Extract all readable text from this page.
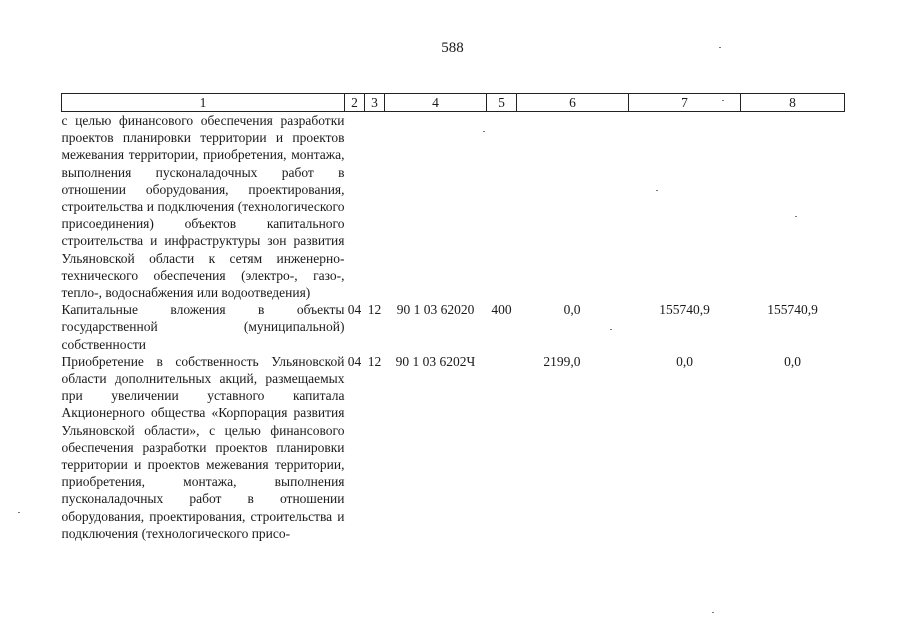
588
1	2	3	4	5	6	7	8

с целью финансового обеспечения разработки проектов планировки территории и проектов межевания территории, приобретения, монтажа, выполнения пусконаладочных работ в отношении оборудования, проектирования, строительства и подключения (технологического присоединения) объектов капитального строительства и инфраструктуры зон развития Ульяновской области к сетям инженерно-технического обеспечения (электро-, газо-, тепло-, водоснабжения или водоотведения)							

Капитальные вложения в объекты государственной (муниципальной) собственности	04	12	90 1 03 62020	400	0,0	155740,9	155740,9

Приобретение в собственность Ульяновской области дополнительных акций, размещаемых при увеличении уставного капитала Акционерного общества «Корпорация развития Ульяновской области», с целью финансового обеспечения разработки проектов планировки территории и проектов межевания территории, приобретения, монтажа, выполнения пусконаладочных работ в отношении оборудования, проектирования, строительства и подключения (технологического присо-	04	12	90 1 03 6202Ч		2199,0	0,0	0,0
